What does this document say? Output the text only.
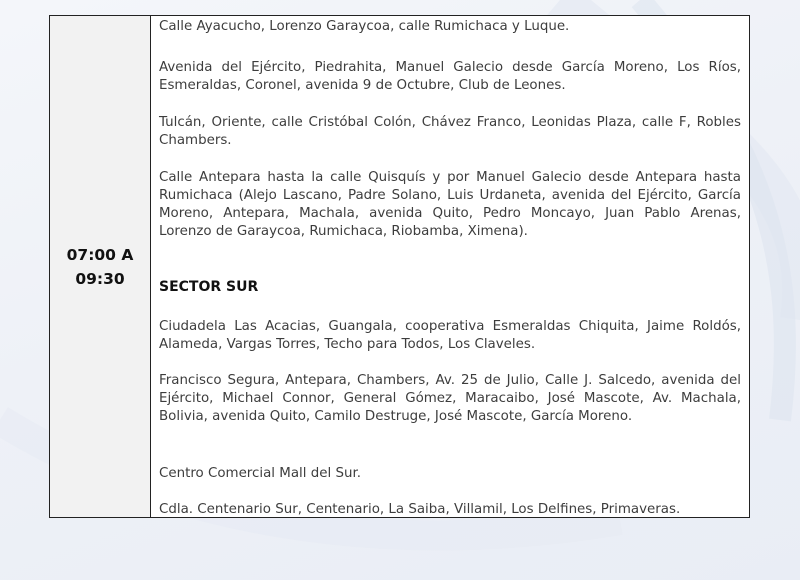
07:00 A
09:30

Calle Ayacucho, Lorenzo Garaycoa, calle Rumichaca y Luque.

Avenida del Ejército, Piedrahita, Manuel Galecio desde García Moreno, Los Ríos, Esmeraldas, Coronel, avenida 9 de Octubre, Club de Leones.

Tulcán, Oriente, calle Cristóbal Colón, Chávez Franco, Leonidas Plaza, calle F, Robles Chambers.

Calle Antepara hasta la calle Quisquís y por Manuel Galecio desde Antepara hasta Rumichaca (Alejo Lascano, Padre Solano, Luis Urdaneta, avenida del Ejército, García Moreno, Antepara, Machala, avenida Quito, Pedro Moncayo, Juan Pablo Arenas, Lorenzo de Garaycoa, Rumichaca, Riobamba, Ximena).

SECTOR SUR

Ciudadela Las Acacias, Guangala, cooperativa Esmeraldas Chiquita, Jaime Roldós, Alameda, Vargas Torres, Techo para Todos, Los Claveles.

Francisco Segura, Antepara, Chambers, Av. 25 de Julio, Calle J. Salcedo, avenida del Ejército, Michael Connor, General Gómez, Maracaibo, José Mascote, Av. Machala, Bolivia, avenida Quito, Camilo Destruge, José Mascote, García Moreno.

Centro Comercial Mall del Sur.

Cdla. Centenario Sur, Centenario, La Saiba, Villamil, Los Delfines, Primaveras.
